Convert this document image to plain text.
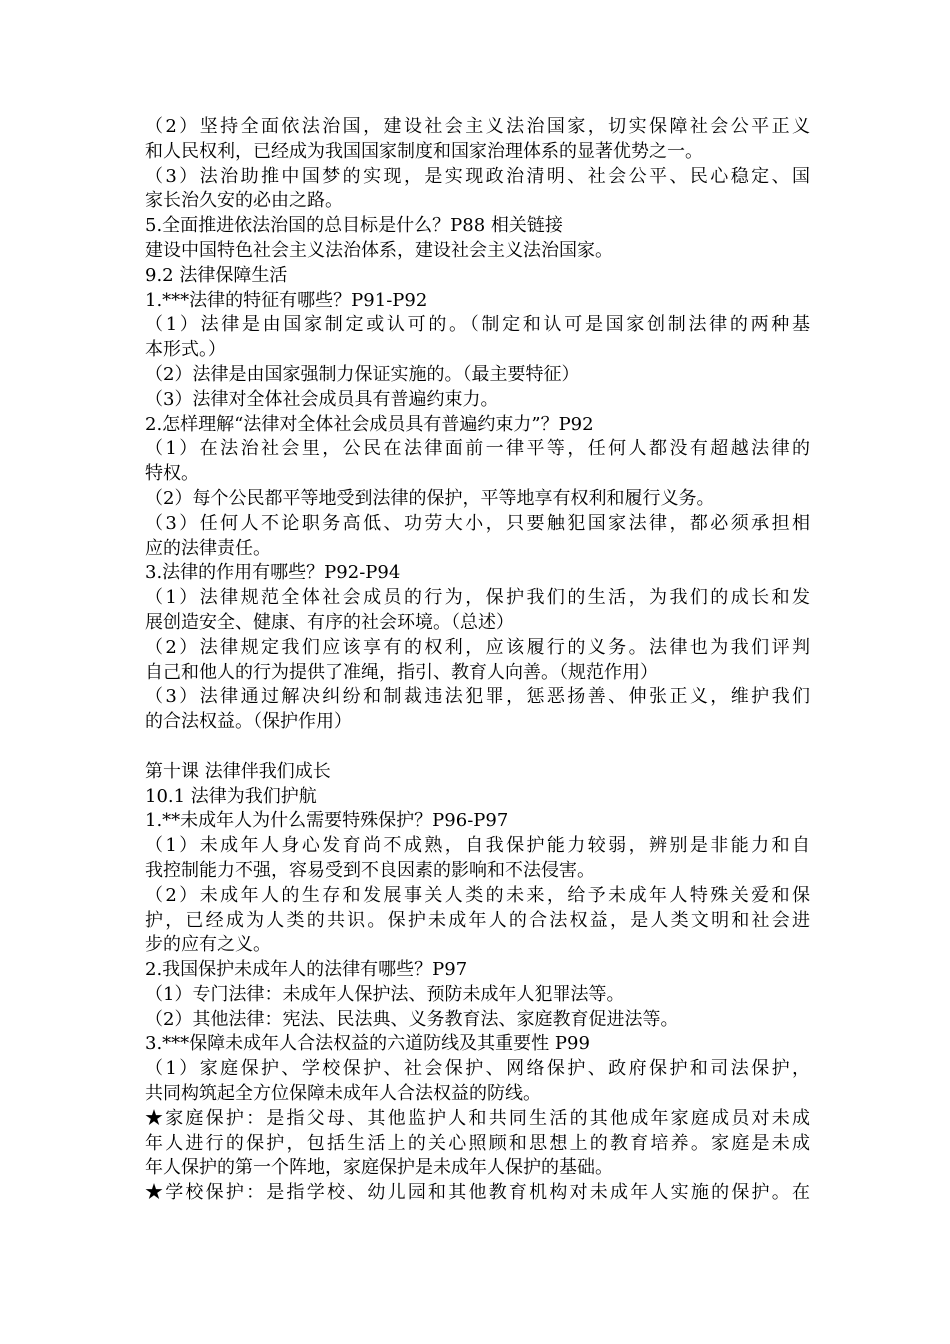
（2）坚持全面依法治国，建设社会主义法治国家，切实保障社会公平正义
和人民权利，已经成为我国国家制度和国家治理体系的显著优势之一。
（3）法治助推中国梦的实现，是实现政治清明、社会公平、民心稳定、国
家长治久安的必由之路。
5.全面推进依法治国的总目标是什么？P88 相关链接
建设中国特色社会主义法治体系，建设社会主义法治国家。
9.2 法律保障生活
1.***法律的特征有哪些？P91-P92
（1）法律是由国家制定或认可的。（制定和认可是国家创制法律的两种基
本形式。）
（2）法律是由国家强制力保证实施的。（最主要特征）
（3）法律对全体社会成员具有普遍约束力。
2.怎样理解“法律对全体社会成员具有普遍约束力”？P92
（1）在法治社会里，公民在法律面前一律平等，任何人都没有超越法律的
特权。
（2）每个公民都平等地受到法律的保护，平等地享有权利和履行义务。
（3）任何人不论职务高低、功劳大小，只要触犯国家法律，都必须承担相
应的法律责任。
3.法律的作用有哪些？P92-P94
（1）法律规范全体社会成员的行为，保护我们的生活，为我们的成长和发
展创造安全、健康、有序的社会环境。（总述）
（2）法律规定我们应该享有的权利，应该履行的义务。法律也为我们评判
自己和他人的行为提供了准绳，指引、教育人向善。（规范作用）
（3）法律通过解决纠纷和制裁违法犯罪，惩恶扬善、伸张正义，维护我们
的合法权益。（保护作用）
第十课 法律伴我们成长
10.1 法律为我们护航
1.**未成年人为什么需要特殊保护？P96-P97
（1）未成年人身心发育尚不成熟，自我保护能力较弱，辨别是非能力和自
我控制能力不强，容易受到不良因素的影响和不法侵害。
（2）未成年人的生存和发展事关人类的未来，给予未成年人特殊关爱和保
护，已经成为人类的共识。保护未成年人的合法权益，是人类文明和社会进
步的应有之义。
2.我国保护未成年人的法律有哪些？P97
（1）专门法律：未成年人保护法、预防未成年人犯罪法等。
（2）其他法律：宪法、民法典、义务教育法、家庭教育促进法等。
3.***保障未成年人合法权益的六道防线及其重要性 P99
（1）家庭保护、学校保护、社会保护、网络保护、政府保护和司法保护，
共同构筑起全方位保障未成年人合法权益的防线。
★家庭保护：是指父母、其他监护人和共同生活的其他成年家庭成员对未成
年人进行的保护，包括生活上的关心照顾和思想上的教育培养。家庭是未成
年人保护的第一个阵地，家庭保护是未成年人保护的基础。
★学校保护：是指学校、幼儿园和其他教育机构对未成年人实施的保护。在
